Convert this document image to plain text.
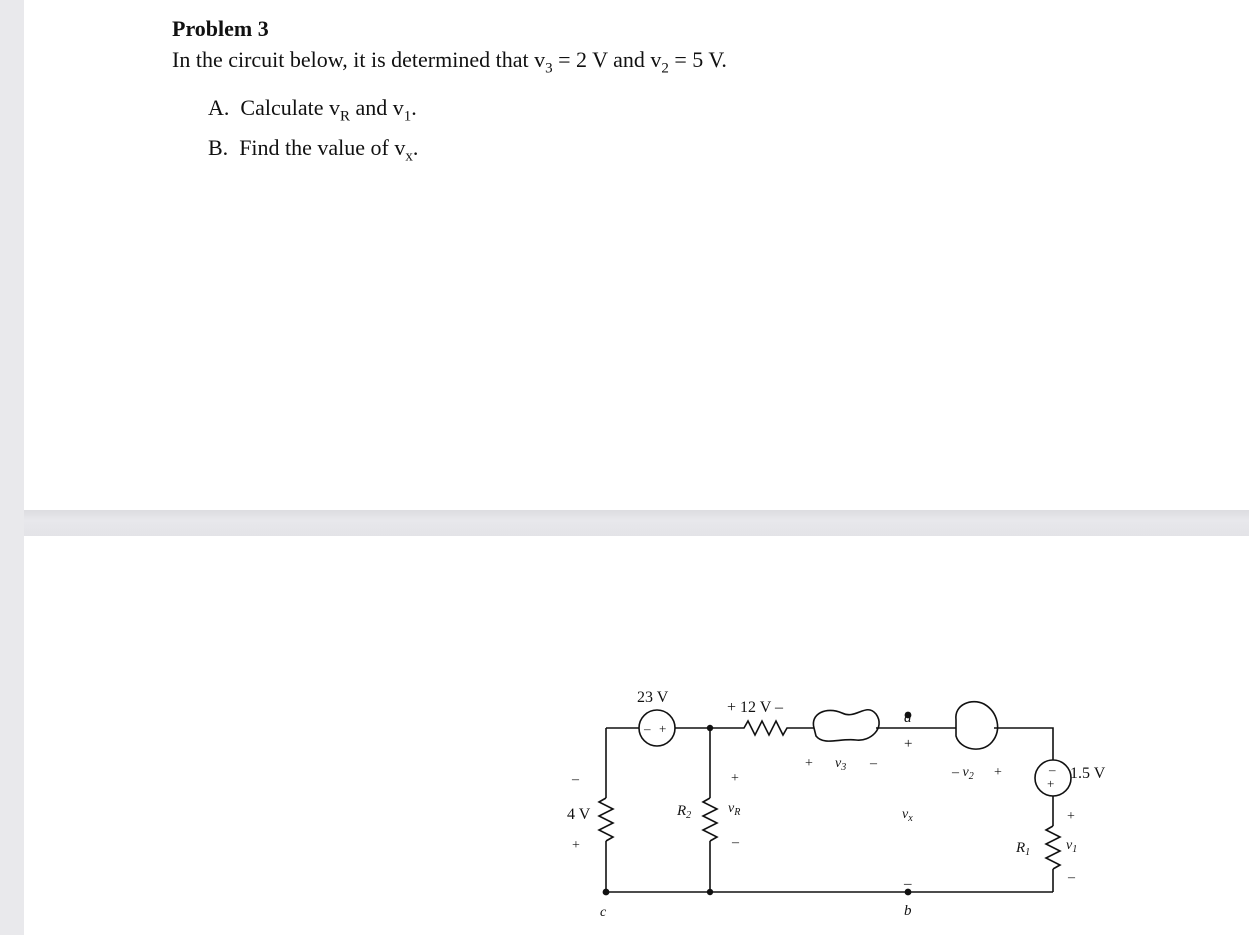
Problem 3
In the circuit below, it is determined that $v_3 = 2$ V and $v_2 = 5$ V.
A. Calculate $v_R$ and $v_1$.
B. Find the value of $v_x$.
– +
–
+
23 V
+ 12 V –
a
+
–
b
c
+ $v_3$ –
– $v_2$ +	1.5 V
4 V
–
+
$R_2$
+
$v_R$
–
$v_x$
$R_1$
+
$v_1$
–
